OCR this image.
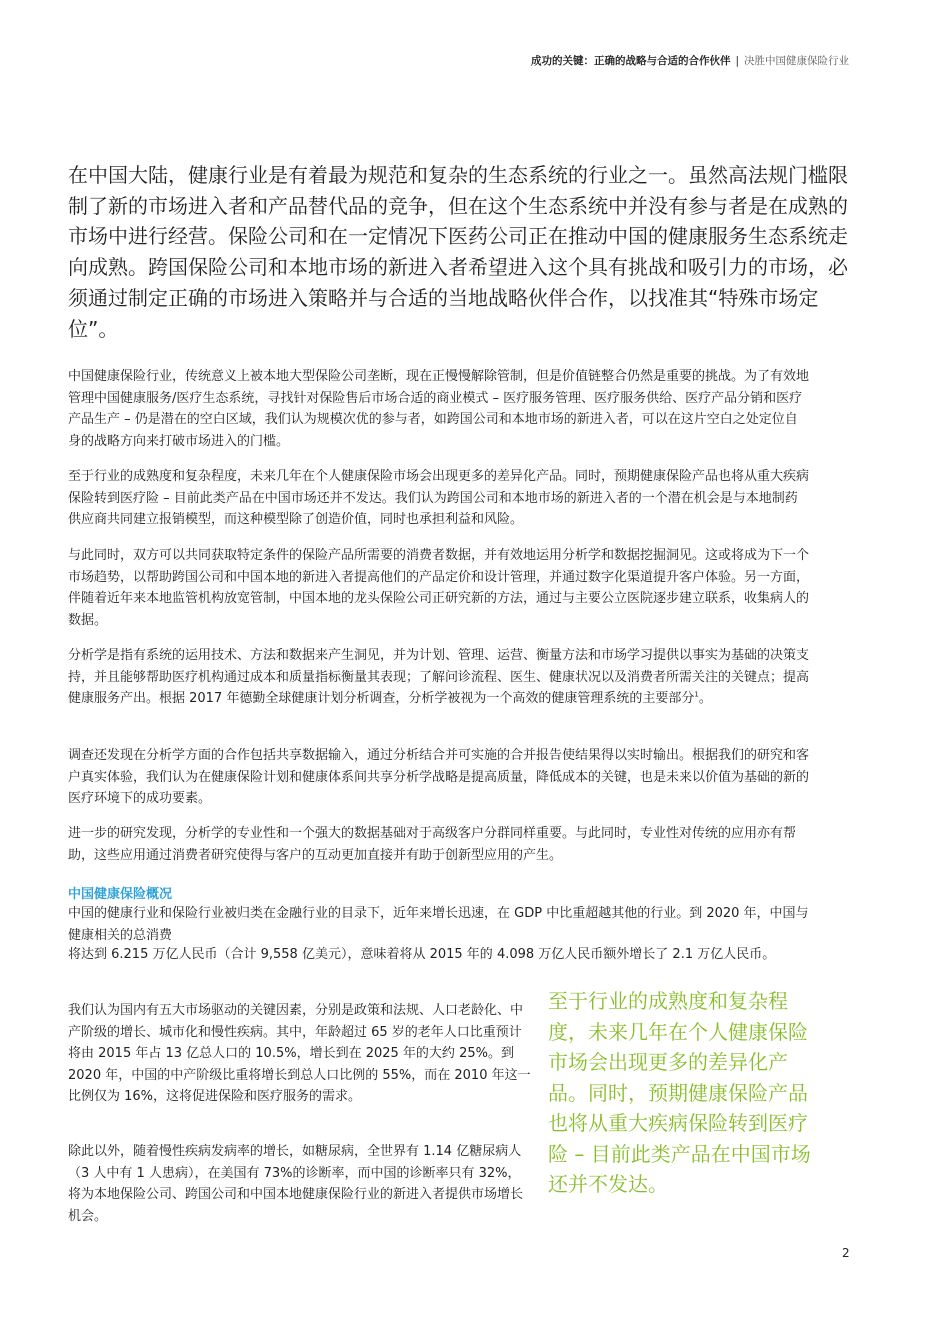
成功的关键：正确的战略与合适的合作伙伴 | 决胜中国健康保险行业

在中国大陆，健康行业是有着最为规范和复杂的生态系统的行业之一。虽然高法规门槛限制了新的市场进入者和产品替代品的竞争，但在这个生态系统中并没有参与者是在成熟的市场中进行经营。保险公司和在一定情况下医药公司正在推动中国的健康服务生态系统走向成熟。跨国保险公司和本地市场的新进入者希望进入这个具有挑战和吸引力的市场，必须通过制定正确的市场进入策略并与合适的当地战略伙伴合作，以找准其“特殊市场定位”。

中国健康保险行业，传统意义上被本地大型保险公司垄断，现在正慢慢解除管制，但是价值链整合仍然是重要的挑战。为了有效地管理中国健康服务/医疗生态系统，寻找针对保险售后市场合适的商业模式 – 医疗服务管理、医疗服务供给、医疗产品分销和医疗产品生产 – 仍是潜在的空白区域，我们认为规模次优的参与者，如跨国公司和本地市场的新进入者，可以在这片空白之处定位自身的战略方向来打破市场进入的门槛。

至于行业的成熟度和复杂程度，未来几年在个人健康保险市场会出现更多的差异化产品。同时，预期健康保险产品也将从重大疾病保险转到医疗险 – 目前此类产品在中国市场还并不发达。我们认为跨国公司和本地市场的新进入者的一个潜在机会是与本地制药供应商共同建立报销模型，而这种模型除了创造价值，同时也承担利益和风险。

与此同时，双方可以共同获取特定条件的保险产品所需要的消费者数据，并有效地运用分析学和数据挖掘洞见。这或将成为下一个市场趋势，以帮助跨国公司和中国本地的新进入者提高他们的产品定价和设计管理，并通过数字化渠道提升客户体验。另一方面，伴随着近年来本地监管机构放宽管制，中国本地的龙头保险公司正研究新的方法，通过与主要公立医院逐步建立联系，收集病人的数据。

分析学是指有系统的运用技术、方法和数据来产生洞见，并为计划、管理、运营、衡量方法和市场学习提供以事实为基础的决策支持，并且能够帮助医疗机构通过成本和质量指标衡量其表现；了解问诊流程、医生、健康状况以及消费者所需关注的关键点；提高健康服务产出。根据 2017 年德勤全球健康计划分析调查，分析学被视为一个高效的健康管理系统的主要部分$^1$。

调查还发现在分析学方面的合作包括共享数据输入，通过分析结合并可实施的合并报告使结果得以实时输出。根据我们的研究和客户真实体验，我们认为在健康保险计划和健康体系间共享分析学战略是提高质量，降低成本的关键，也是未来以价值为基础的新的医疗环境下的成功要素。

进一步的研究发现，分析学的专业性和一个强大的数据基础对于高级客户分群同样重要。与此同时，专业性对传统的应用亦有帮助，这些应用通过消费者研究使得与客户的互动更加直接并有助于创新型应用的产生。

中国健康保险概况

中国的健康行业和保险行业被归类在金融行业的目录下，近年来增长迅速，在 GDP 中比重超越其他的行业。到 2020 年，中国与健康相关的总消费

将达到 6.215 万亿人民币（合计 9,558 亿美元），意味着将从 2015 年的 4.098 万亿人民币额外增长了 2.1 万亿人民币。

我们认为国内有五大市场驱动的关键因素，分别是政策和法规、人口老龄化、中产阶级的增长、城市化和慢性疾病。其中，年龄超过 65 岁的老年人口比重预计将由 2015 年占 13 亿总人口的 10.5%，增长到在 2025 年的大约 25%。到 2020 年，中国的中产阶级比重将增长到总人口比例的 55%，而在 2010 年这一比例仅为 16%，这将促进保险和医疗服务的需求。

除此以外，随着慢性疾病发病率的增长，如糖尿病，全世界有 1.14 亿糖尿病人（3 人中有 1 人患病），在美国有 73%的诊断率，而中国的诊断率只有 32%，将为本地保险公司、跨国公司和中国本地健康保险行业的新进入者提供市场增长机会。

至于行业的成熟度和复杂程度，未来几年在个人健康保险市场会出现更多的差异化产品。同时，预期健康保险产品也将从重大疾病保险转到医疗险 – 目前此类产品在中国市场还并不发达。

2
